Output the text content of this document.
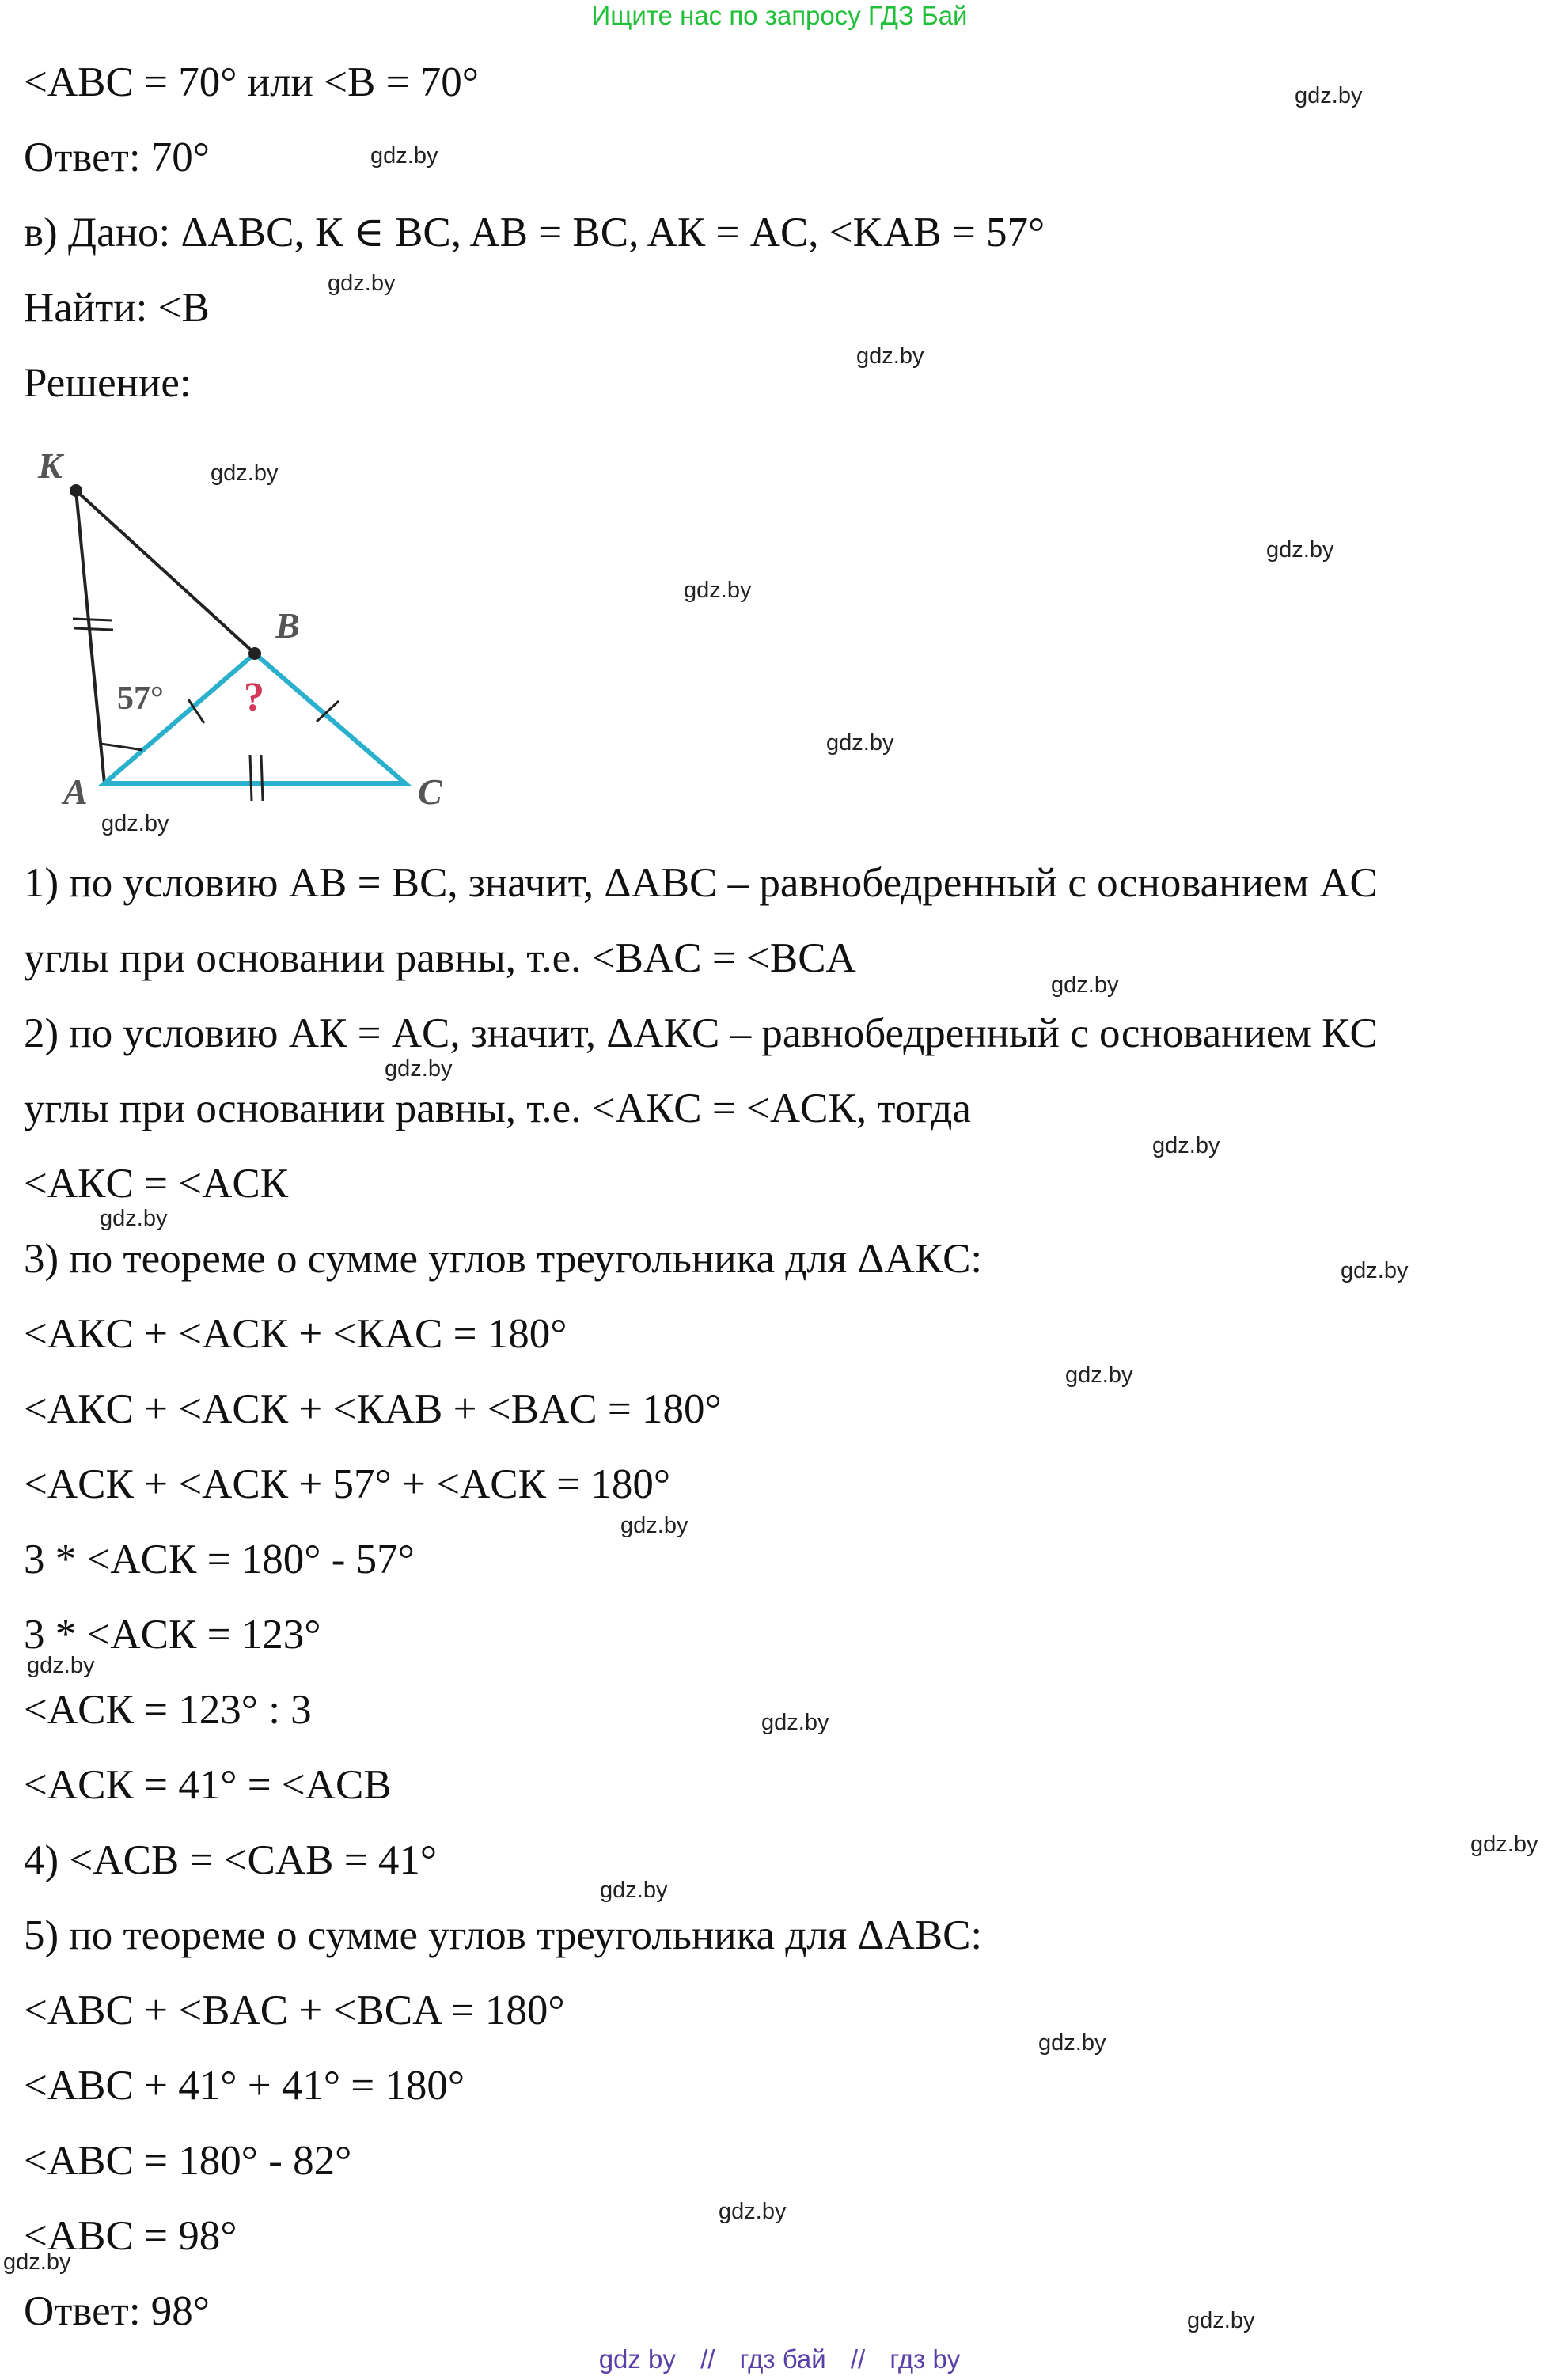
Ищите нас по запросу ГДЗ Бай

<ABC = 70° или <B = 70°

Ответ: 70°

в) Дано: ΔABC, К ∈ BC, AB = BC, AК = AC, <KAB = 57°

Найти: <B

Решение:

K
B
A	C
57° ?

1) по условию AB = BC, значит, ΔABC – равнобедренный с основанием AC

углы при основании равны, т.е. <BAC = <BCA

2) по условию AК = AC, значит, ΔAКC – равнобедренный с основанием КC

углы при основании равны, т.е. <AКC = <ACК, тогда

<AКC = <ACК

3) по теореме о сумме углов треугольника для ΔAКC:

<AКC + <ACК + <КAC = 180°

<AКC + <ACК + <КAB + <BAC = 180°

<ACК + <ACК + 57° + <ACК = 180°

3 * <ACК = 180° - 57°

3 * <ACК = 123°

<ACК = 123° : 3

<ACК = 41° = <ACB

4) <ACB = <CAB = 41°

5) по теореме о сумме углов треугольника для ΔABC:

<ABC + <BAC + <BCA = 180°

<ABC + 41° + 41° = 180°

<ABC = 180° - 82°

<ABC = 98°

Ответ: 98°

gdz.by
gdz.by
gdz.by
gdz.by
gdz.by
gdz.by
gdz.by
gdz.by
gdz.by
gdz.by
gdz.by
gdz.by
gdz.by
gdz.by
gdz.by
gdz.by
gdz.by
gdz.by
gdz.by
gdz.by
gdz.by
gdz.by
gdz.by
gdz.by
gdz by // гдз бай // гдз by
